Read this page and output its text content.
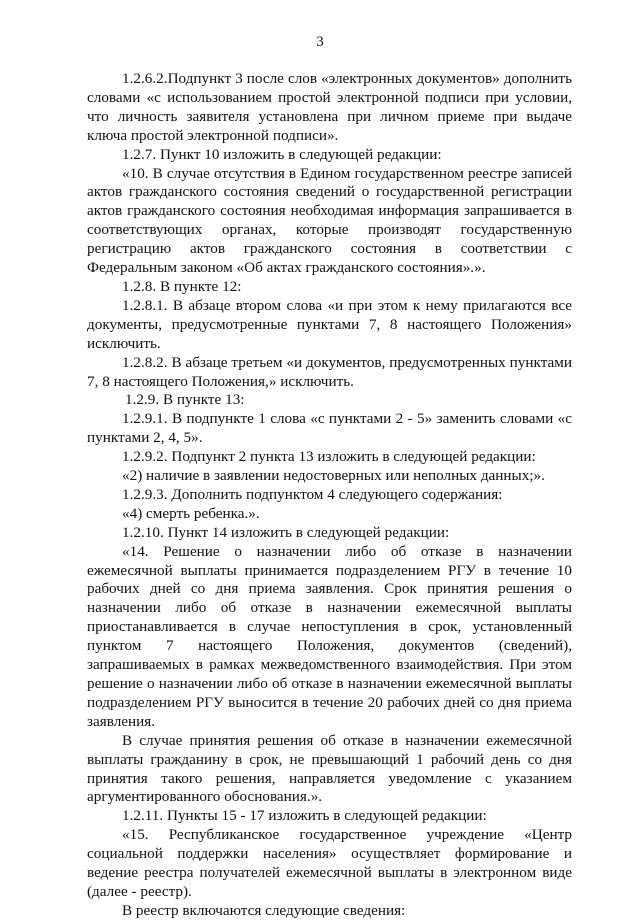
3

1.2.6.2.Подпункт 3 после слов «электронных документов» дополнить словами «с использованием простой электронной подписи при условии, что личность заявителя установлена при личном приеме при выдаче ключа простой электронной подписи».

1.2.7. Пункт 10 изложить в следующей редакции:

«10. В случае отсутствия в Едином государственном реестре записей актов гражданского состояния сведений о государственной регистрации актов гражданского состояния необходимая информация запрашивается в соответствующих органах, которые производят государственную регистрацию актов гражданского состояния в соответствии с Федеральным законом «Об актах гражданского состояния».».

1.2.8. В пункте 12:

1.2.8.1. В абзаце втором слова «и при этом к нему прилагаются все документы, предусмотренные пунктами 7, 8 настоящего Положения» исключить.

1.2.8.2. В абзаце третьем «и документов, предусмотренных пунктами 7, 8 настоящего Положения,» исключить.

1.2.9. В пункте 13:

1.2.9.1. В подпункте 1 слова «с пунктами 2 - 5» заменить словами «с пунктами 2, 4, 5».

1.2.9.2. Подпункт 2 пункта 13 изложить в следующей редакции:

«2) наличие в заявлении недостоверных или неполных данных;».

1.2.9.3. Дополнить подпунктом 4 следующего содержания:

«4) смерть ребенка.».

1.2.10. Пункт 14 изложить в следующей редакции:

«14. Решение о назначении либо об отказе в назначении ежемесячной выплаты принимается подразделением РГУ в течение 10 рабочих дней со дня приема заявления. Срок принятия решения о назначении либо об отказе в назначении ежемесячной выплаты приостанавливается в случае непоступления в срок, установленный пунктом 7 настоящего Положения, документов (сведений), запрашиваемых в рамках межведомственного взаимодействия. При этом решение о назначении либо об отказе в назначении ежемесячной выплаты подразделением РГУ выносится в течение 20 рабочих дней со дня приема заявления.

В случае принятия решения об отказе в назначении ежемесячной выплаты гражданину в срок, не превышающий 1 рабочий день со дня принятия такого решения, направляется уведомление с указанием аргументированного обоснования.».

1.2.11. Пункты 15 - 17 изложить в следующей редакции:

«15. Республиканское государственное учреждение «Центр социальной поддержки населения» осуществляет формирование и ведение реестра получателей ежемесячной выплаты в электронном виде (далее - реестр).

В реестр включаются следующие сведения:
